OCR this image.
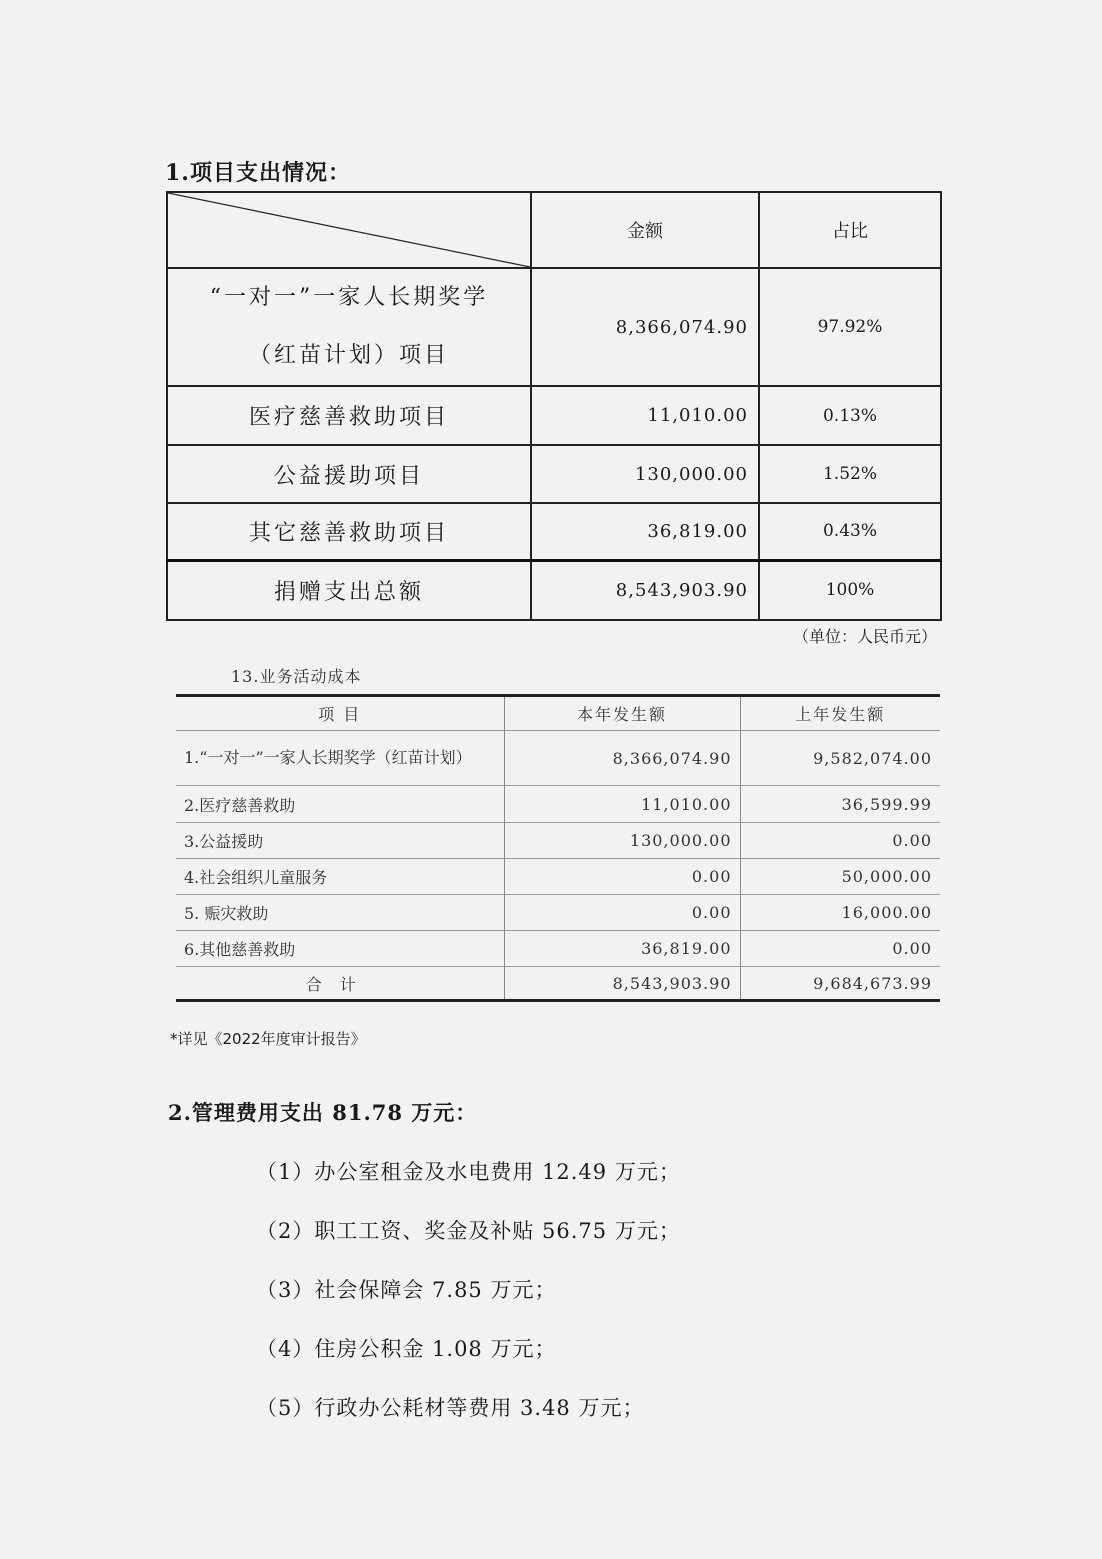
1.项目支出情况：
	金额	占比

“一对一”一家人长期奖学
（红苗计划）项目	8,366,074.90	97.92%
医疗慈善救助项目	11,010.00	0.13%
公益援助项目	130,000.00	1.52%
其它慈善救助项目	36,819.00	0.43%
捐赠支出总额	8,543,903.90	100%
（单位：人民币元）
13.业务活动成本
项 目	本年发生额	上年发生额
1.“一对一”一家人长期奖学（红苗计划）	8,366,074.90	9,582,074.00
2.医疗慈善救助	11,010.00	36,599.99
3.公益援助	130,000.00	0.00
4.社会组织儿童服务	0.00	50,000.00
5. 赈灾救助	0.00	16,000.00
6.其他慈善救助	36,819.00	0.00
合计	8,543,903.90	9,684,673.99
*详见《2022年度审计报告》
2.管理费用支出 81.78 万元：
（1）办公室租金及水电费用 12.49 万元；
（2）职工工资、奖金及补贴 56.75 万元；
（3）社会保障会 7.85 万元；
（4）住房公积金 1.08 万元；
（5）行政办公耗材等费用 3.48 万元；
